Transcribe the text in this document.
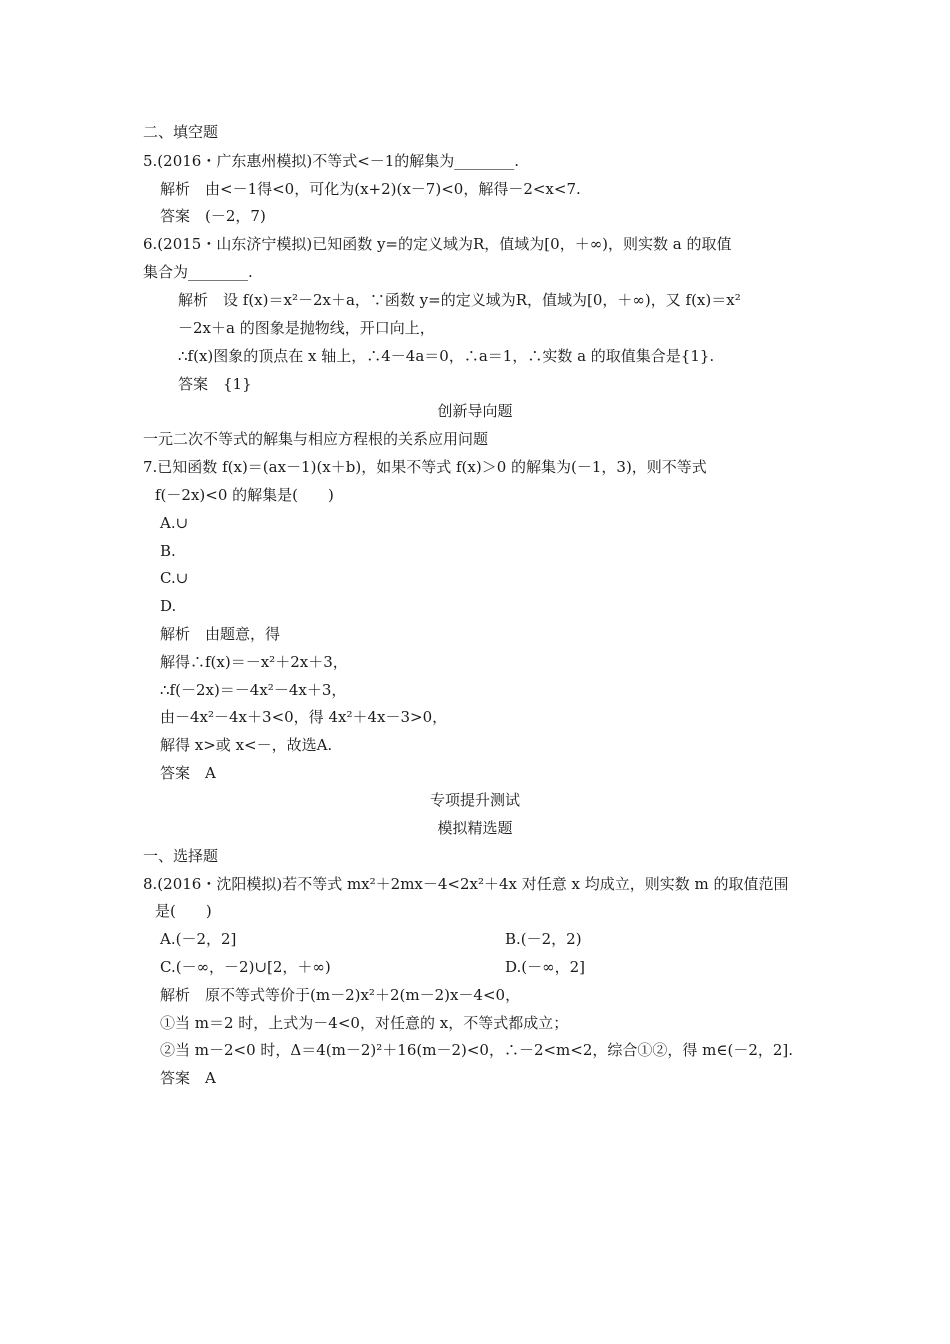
二、填空题
5.(2016・广东惠州模拟)不等式<－1的解集为________.
解析　由<－1得<0，可化为(x+2)(x－7)<0，解得－2<x<7.
答案　(－2，7)
6.(2015・山东济宁模拟)已知函数 y=的定义域为R，值域为[0，＋∞)，则实数 a 的取值
集合为________.
解析　设 f(x)＝x²－2x＋a，∵函数 y=的定义域为R，值域为[0，＋∞)，又 f(x)＝x²
－2x＋a 的图象是抛物线，开口向上，
∴f(x)图象的顶点在 x 轴上，∴4－4a＝0，∴a＝1，∴实数 a 的取值集合是{1}.
答案　{1}
创新导向题
一元二次不等式的解集与相应方程根的关系应用问题
7.已知函数 f(x)＝(ax－1)(x＋b)，如果不等式 f(x)＞0 的解集为(－1，3)，则不等式
f(－2x)<0 的解集是(　　)
A.∪
B.
C.∪
D.
解析　由题意，得
解得∴f(x)＝－x²＋2x＋3，
∴f(－2x)＝－4x²－4x＋3，
由－4x²－4x＋3<0，得 4x²＋4x－3>0，
解得 x>或 x<－，故选A.
答案　A
专项提升测试
模拟精选题
一、选择题
8.(2016・沈阳模拟)若不等式 mx²＋2mx－4<2x²＋4x 对任意 x 均成立，则实数 m 的取值范围
是(　　)
A.(－2，2]	B.(－2，2)
C.(－∞，－2)∪[2，＋∞)	D.(－∞，2]
解析　原不等式等价于(m－2)x²＋2(m－2)x－4<0，
①当 m＝2 时，上式为－4<0，对任意的 x，不等式都成立；
②当 m－2<0 时，Δ＝4(m－2)²＋16(m－2)<0，∴－2<m<2，综合①②，得 m∈(－2，2].
答案　A
